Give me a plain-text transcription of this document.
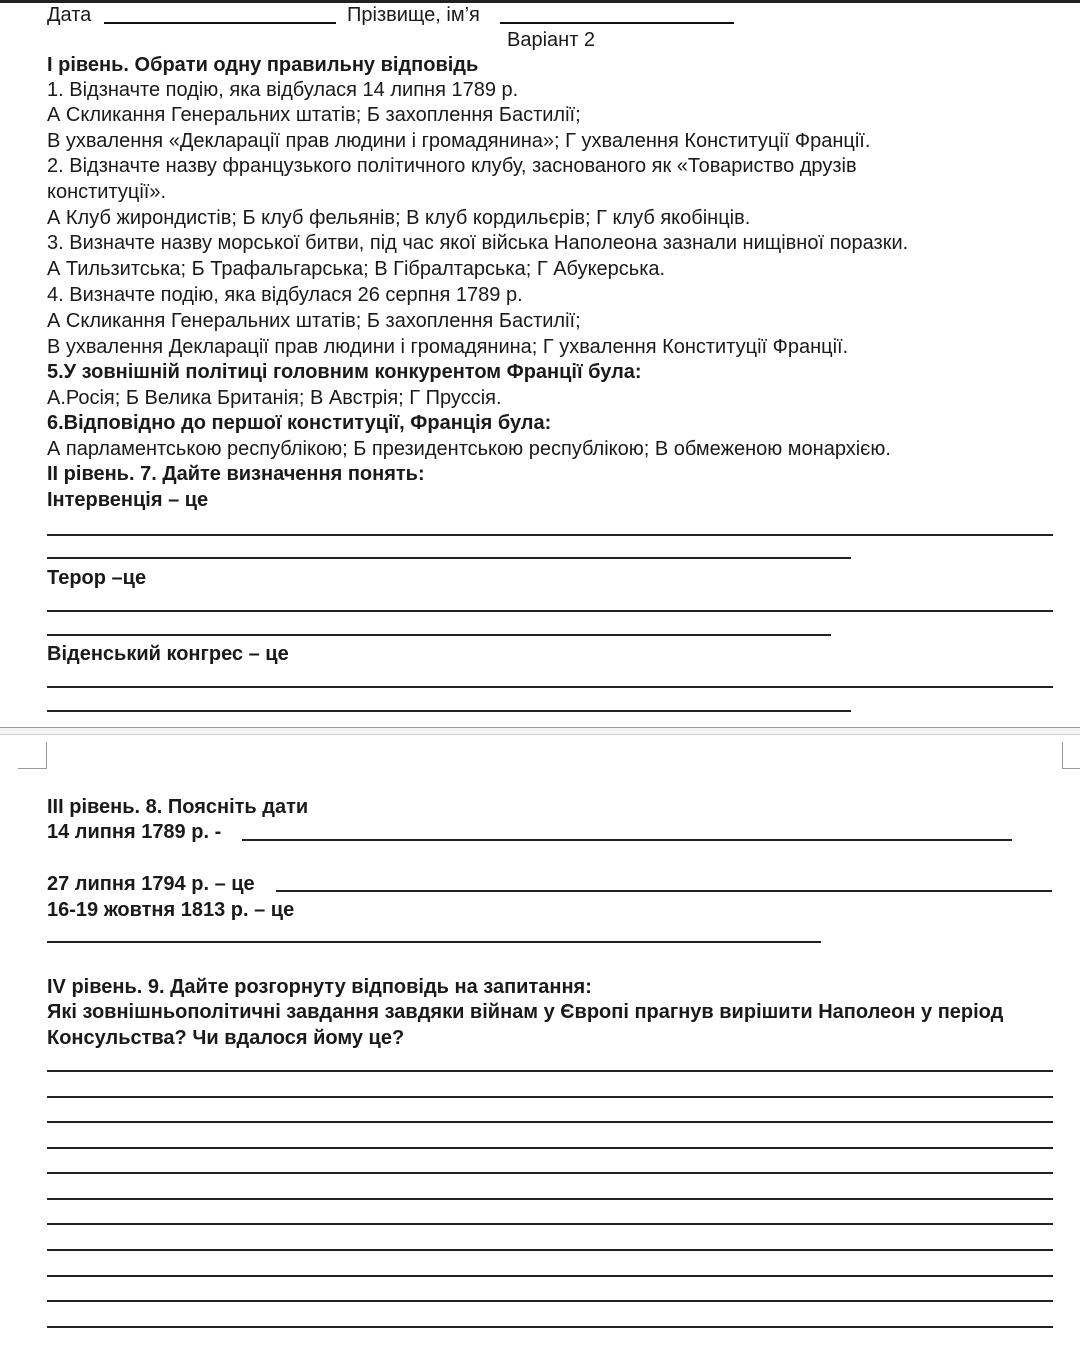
Дата	Прізвище, ім’я
Варіант 2
І рівень. Обрати одну правильну відповідь
1. Відзначте подію, яка відбулася 14 липня 1789 р.
А Скликання Генеральних штатів; Б захоплення Бастилії;
В ухвалення «Декларації прав людини і громадянина»; Г ухвалення Конституції Франції.
2. Відзначте назву французького політичного клубу, заснованого як «Товариство друзів
конституції».
А Клуб жирондистів; Б клуб фельянів; В клуб кордильєрів; Г клуб якобінців.
3. Визначте назву морської битви, під час якої війська Наполеона зазнали нищівної поразки.
А Тильзитська; Б Трафальгарська; В Гібралтарська; Г Абукерська.
4. Визначте подію, яка відбулася 26 серпня 1789 р.
А Скликання Генеральних штатів; Б захоплення Бастилії;
В ухвалення Декларації прав людини і громадянина; Г ухвалення Конституції Франції.
5.У зовнішній політиці головним конкурентом Франції була:
А.Росія; Б Велика Британія; В Австрія; Г Пруссія.
6.Відповідно до першої конституції, Франція була:
А парламентською республікою; Б президентською республікою; В обмеженою монархією.
ІІ рівень. 7. Дайте визначення понять:
Інтервенція – це
Терор –це
Віденський конгрес – це
ІІІ рівень. 8. Поясніть дати
14 липня 1789 р. -
27 липня 1794 р. – це
16-19 жовтня 1813 р. – це
IV рівень. 9. Дайте розгорнуту відповідь на запитання:
Які зовнішньополітичні завдання завдяки війнам у Європі прагнув вирішити Наполеон у період
Консульства? Чи вдалося йому це?
